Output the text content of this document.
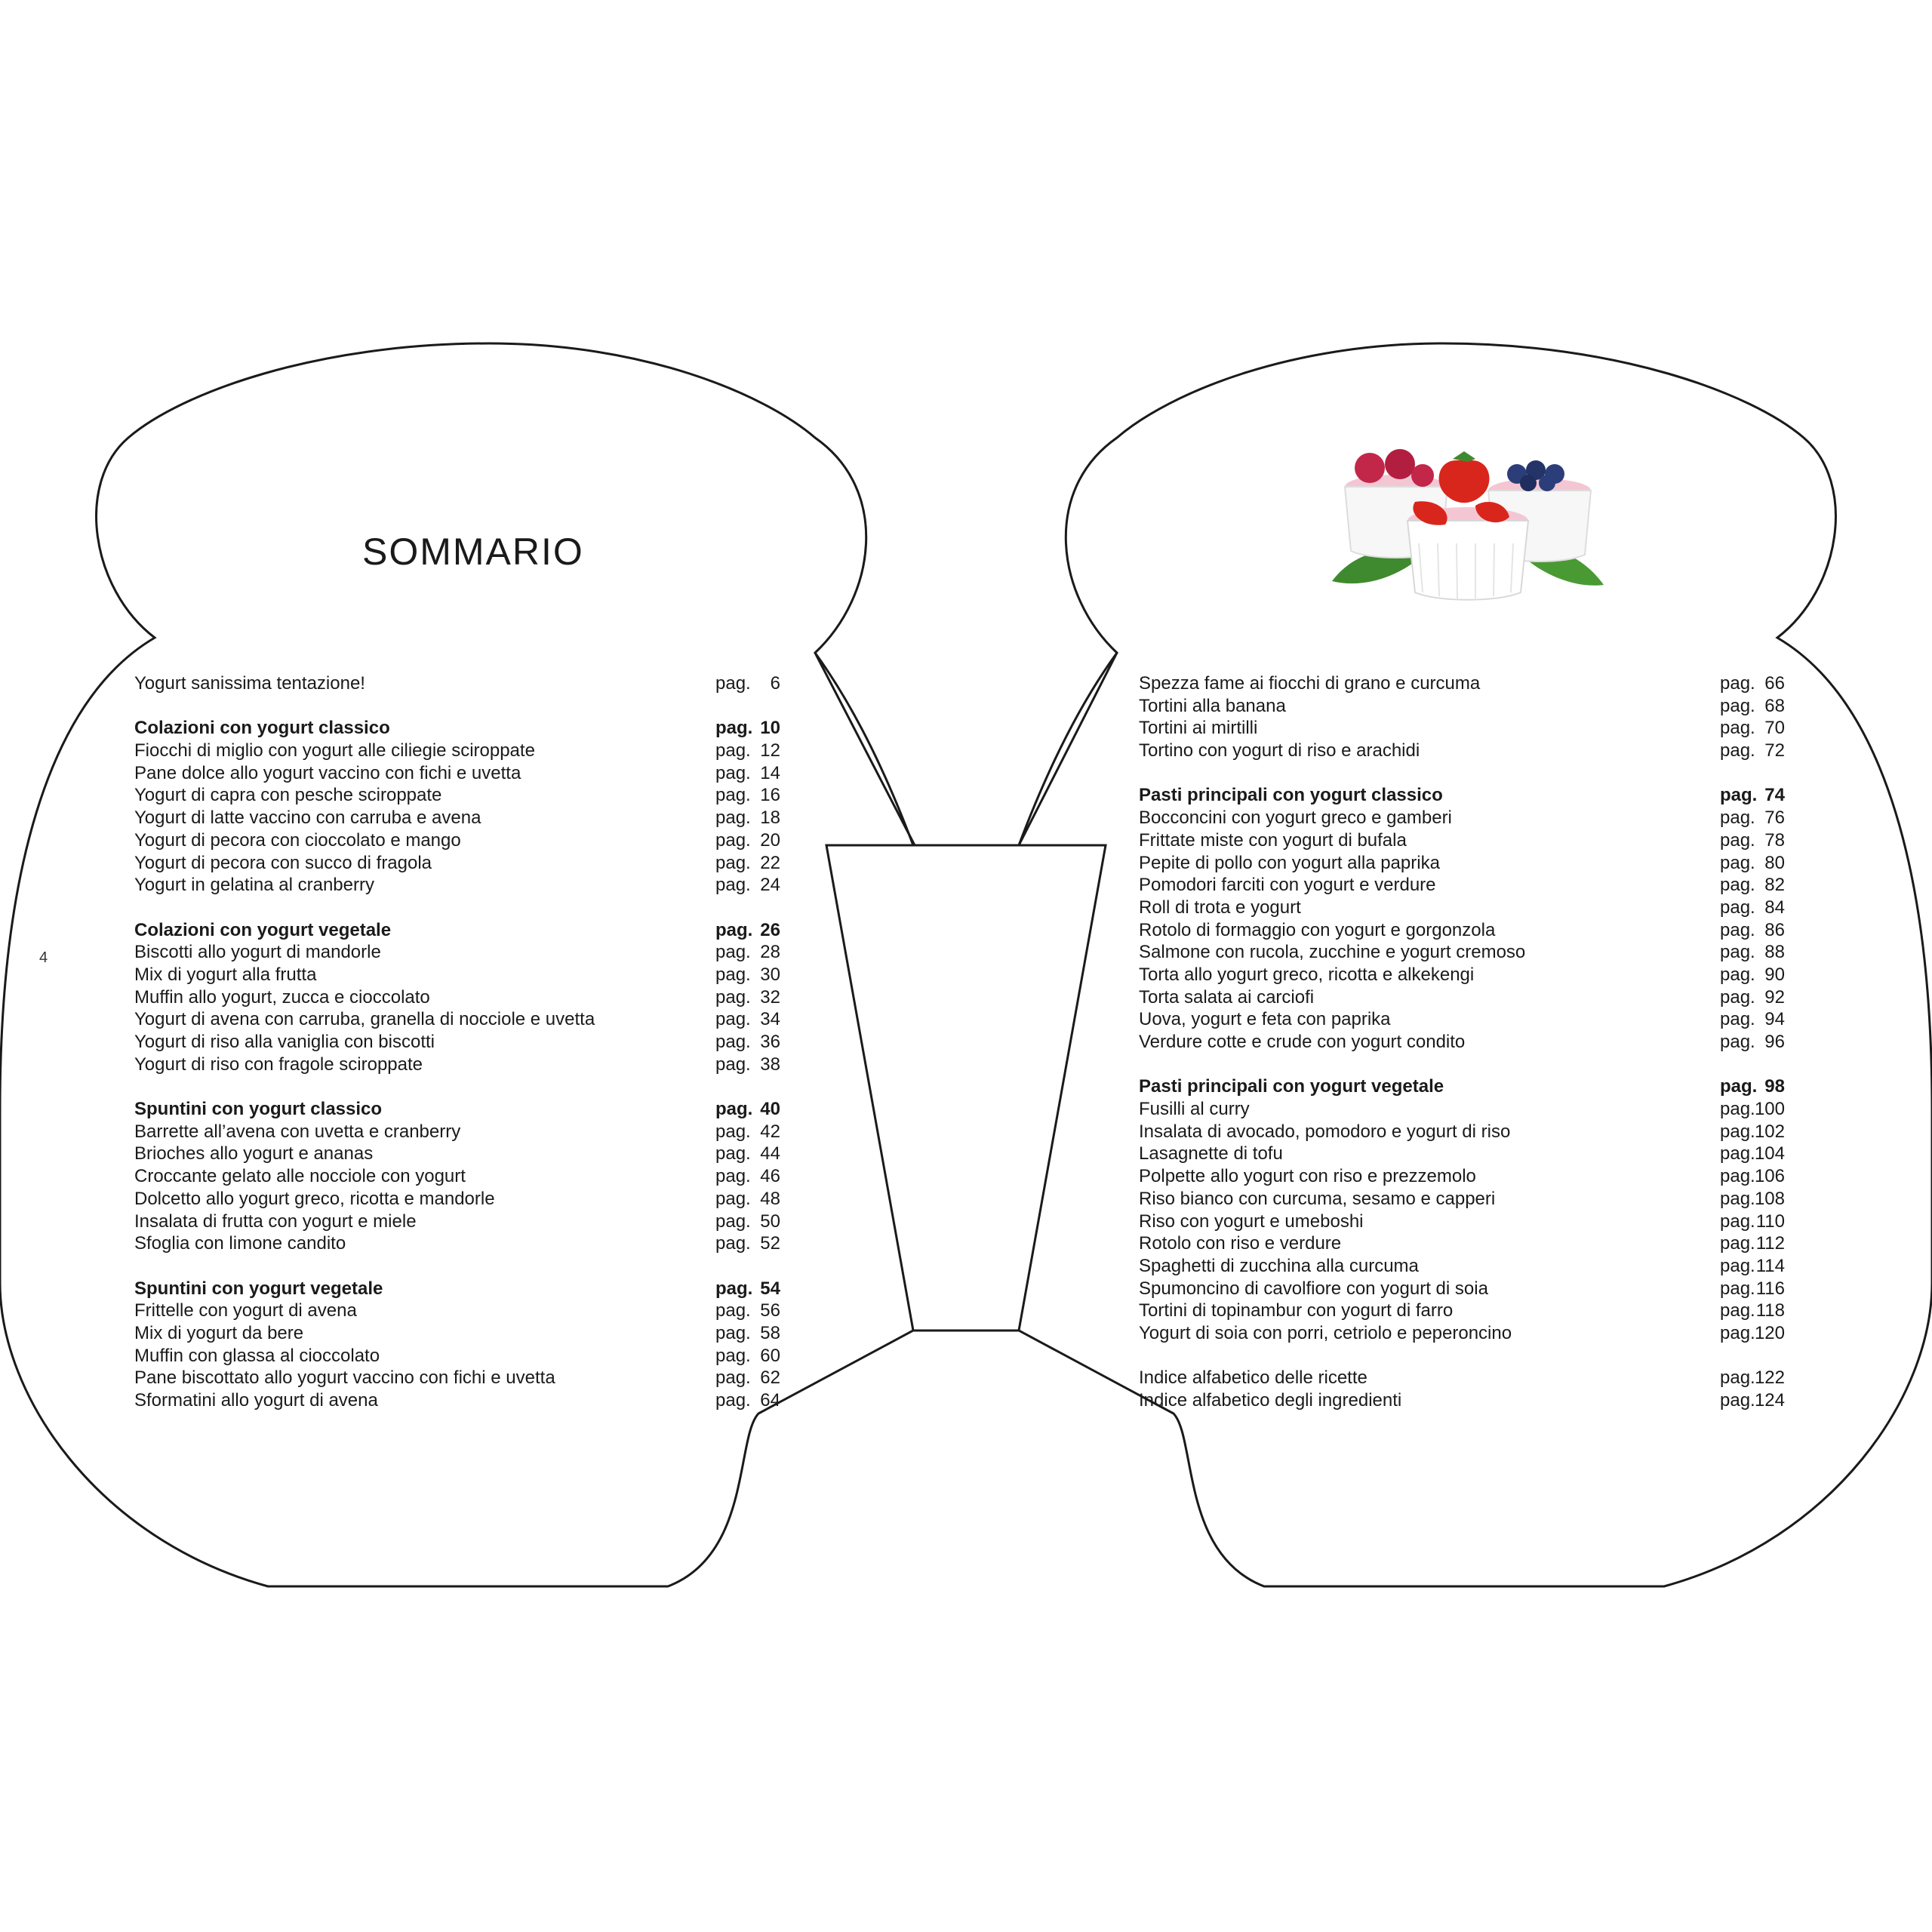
SOMMARIO
4
Yogurt sanissima tentazione!	pag. 6
Colazioni con yogurt classico	pag. 10
Fiocchi di miglio con yogurt alle ciliegie sciroppate	pag. 12
Pane dolce allo yogurt vaccino con fichi e uvetta	pag. 14
Yogurt di capra con pesche sciroppate	pag. 16
Yogurt di latte vaccino con carruba e avena	pag. 18
Yogurt di pecora con cioccolato e mango	pag. 20
Yogurt di pecora con succo di fragola	pag. 22
Yogurt in gelatina al cranberry	pag. 24
Colazioni con yogurt vegetale	pag. 26
Biscotti allo yogurt di mandorle	pag. 28
Mix di yogurt alla frutta	pag. 30
Muffin allo yogurt, zucca e cioccolato	pag. 32
Yogurt di avena con carruba, granella di nocciole e uvetta	pag. 34
Yogurt di riso alla vaniglia con biscotti	pag. 36
Yogurt di riso con fragole sciroppate	pag. 38
Spuntini con yogurt classico	pag. 40
Barrette all’avena con uvetta e cranberry	pag. 42
Brioches allo yogurt e ananas	pag. 44
Croccante gelato alle nocciole con yogurt	pag. 46
Dolcetto allo yogurt greco, ricotta e mandorle	pag. 48
Insalata di frutta con yogurt e miele	pag. 50
Sfoglia con limone candito	pag. 52
Spuntini con yogurt vegetale	pag. 54
Frittelle con yogurt di avena	pag. 56
Mix di yogurt da bere	pag. 58
Muffin con glassa al cioccolato	pag. 60
Pane biscottato allo yogurt vaccino con fichi e uvetta	pag. 62
Sformatini allo yogurt di avena	pag. 64
Spezza fame ai fiocchi di grano e curcuma	pag. 66
Tortini alla banana	pag. 68
Tortini ai mirtilli	pag. 70
Tortino con yogurt di riso e arachidi	pag. 72
Pasti principali con yogurt classico	pag. 74
Bocconcini con yogurt greco e gamberi	pag. 76
Frittate miste con yogurt di bufala	pag. 78
Pepite di pollo con yogurt alla paprika	pag. 80
Pomodori farciti con yogurt e verdure	pag. 82
Roll di trota e yogurt	pag. 84
Rotolo di formaggio con yogurt e gorgonzola	pag. 86
Salmone con rucola, zucchine e yogurt cremoso	pag. 88
Torta allo yogurt greco, ricotta e alkekengi	pag. 90
Torta salata ai carciofi	pag. 92
Uova, yogurt e feta con paprika	pag. 94
Verdure cotte e crude con yogurt condito	pag. 96
Pasti principali con yogurt vegetale	pag. 98
Fusilli al curry	pag. 100
Insalata di avocado, pomodoro e yogurt di riso	pag. 102
Lasagnette di tofu	pag. 104
Polpette allo yogurt con riso e prezzemolo	pag. 106
Riso bianco con curcuma, sesamo e capperi	pag. 108
Riso con yogurt e umeboshi	pag. 110
Rotolo con riso e verdure	pag. 112
Spaghetti di zucchina alla curcuma	pag. 114
Spumoncino di cavolfiore con yogurt di soia	pag. 116
Tortini di topinambur con yogurt di farro	pag. 118
Yogurt di soia con porri, cetriolo e peperoncino	pag. 120
Indice alfabetico delle ricette	pag. 122
Indice alfabetico degli ingredienti	pag. 124
